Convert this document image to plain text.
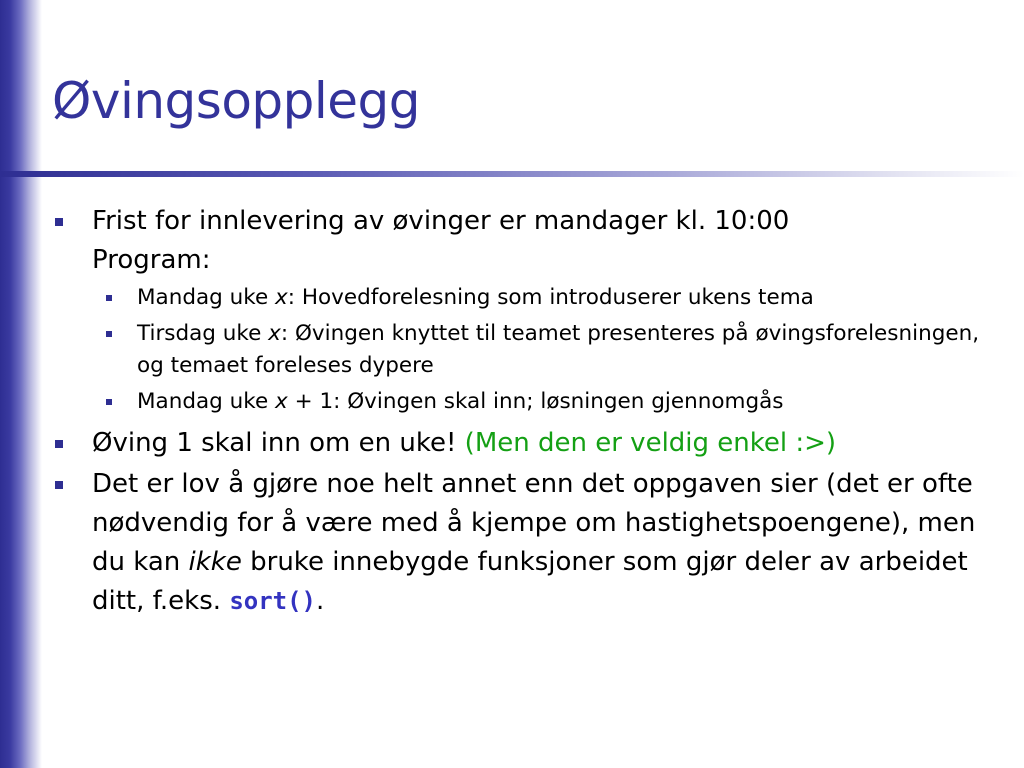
Øvingsopplegg
Frist for innlevering av øvinger er mandager kl. 10:00
Program:
Mandag uke x: Hovedforelesning som introduserer ukens tema
Tirsdag uke x: Øvingen knyttet til teamet presenteres på øvingsforelesningen, og temaet foreleses dypere
Mandag uke x + 1: Øvingen skal inn; løsningen gjennomgås
Øving 1 skal inn om en uke! (Men den er veldig enkel :>)
Det er lov å gjøre noe helt annet enn det oppgaven sier (det er ofte nødvendig for å være med å kjempe om hastighetspoengene), men du kan ikke bruke innebygde funksjoner som gjør deler av arbeidet ditt, f.eks. sort().
